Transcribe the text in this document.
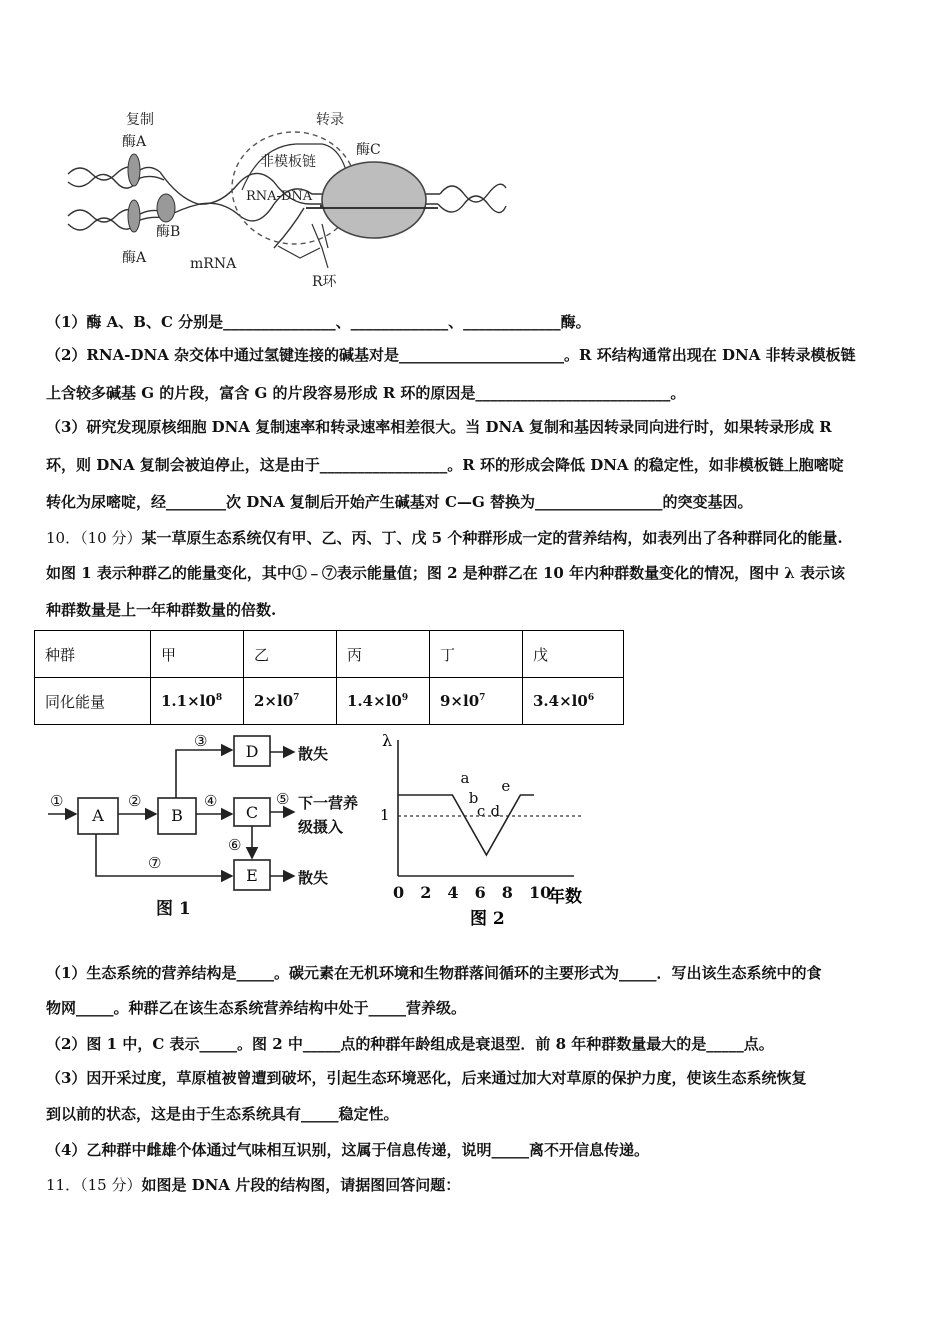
复制	转录
酶A
酶A
酶B
酶C
非模板链
RNA-DNA
mRNA
R环
（1）酶 A、B、C 分别是_______________、_____________、_____________酶。
（2）RNA-DNA 杂交体中通过氢键连接的碱基对是______________________。R 环结构通常出现在 DNA 非转录模板链
上含较多碱基 G 的片段，富含 G 的片段容易形成 R 环的原因是__________________________。
（3）研究发现原核细胞 DNA 复制速率和转录速率相差很大。当 DNA 复制和基因转录同向进行时，如果转录形成 R
环，则 DNA 复制会被迫停止，这是由于_________________。R 环的形成会降低 DNA 的稳定性，如非模板链上胞嘧啶
转化为尿嘧啶，经________次 DNA 复制后开始产生碱基对 C—G 替换为_________________的突变基因。
10．（10 分）某一草原生态系统仅有甲、乙、丙、丁、戊 5 个种群形成一定的营养结构，如表列出了各种群同化的能量.
如图 1 表示种群乙的能量变化，其中①﹣⑦表示能量值；图 2 是种群乙在 10 年内种群数量变化的情况，图中 λ 表示该
种群数量是上一年种群数量的倍数.
种群	甲	乙	丙	丁	戊
同化能量	$1.1\times l0^8$	$2\times l0^7$	$1.4\times l0^9$	$9\times l0^7$	$3.4\times l0^6$
A	B	C
D
E
①	②
③
④	⑤
⑥
⑦
散失
散失
下一营养
级摄入
图 1
a
b
c d
e
0 2 4 6 8 10
λ
1
年数
图 2
（1）生态系统的营养结构是_____。碳元素在无机环境和生物群落间循环的主要形式为_____．写出该生态系统中的食
物网_____。种群乙在该生态系统营养结构中处于_____营养级。
（2）图 1 中，C 表示_____。图 2 中_____点的种群年龄组成是衰退型．前 8 年种群数量最大的是_____点。
（3）因开采过度，草原植被曾遭到破坏，引起生态环境恶化，后来通过加大对草原的保护力度，使该生态系统恢复
到以前的状态，这是由于生态系统具有_____稳定性。
（4）乙种群中雌雄个体通过气味相互识别，这属于信息传递，说明_____离不开信息传递。
11．（15 分）如图是 DNA 片段的结构图，请据图回答问题：
